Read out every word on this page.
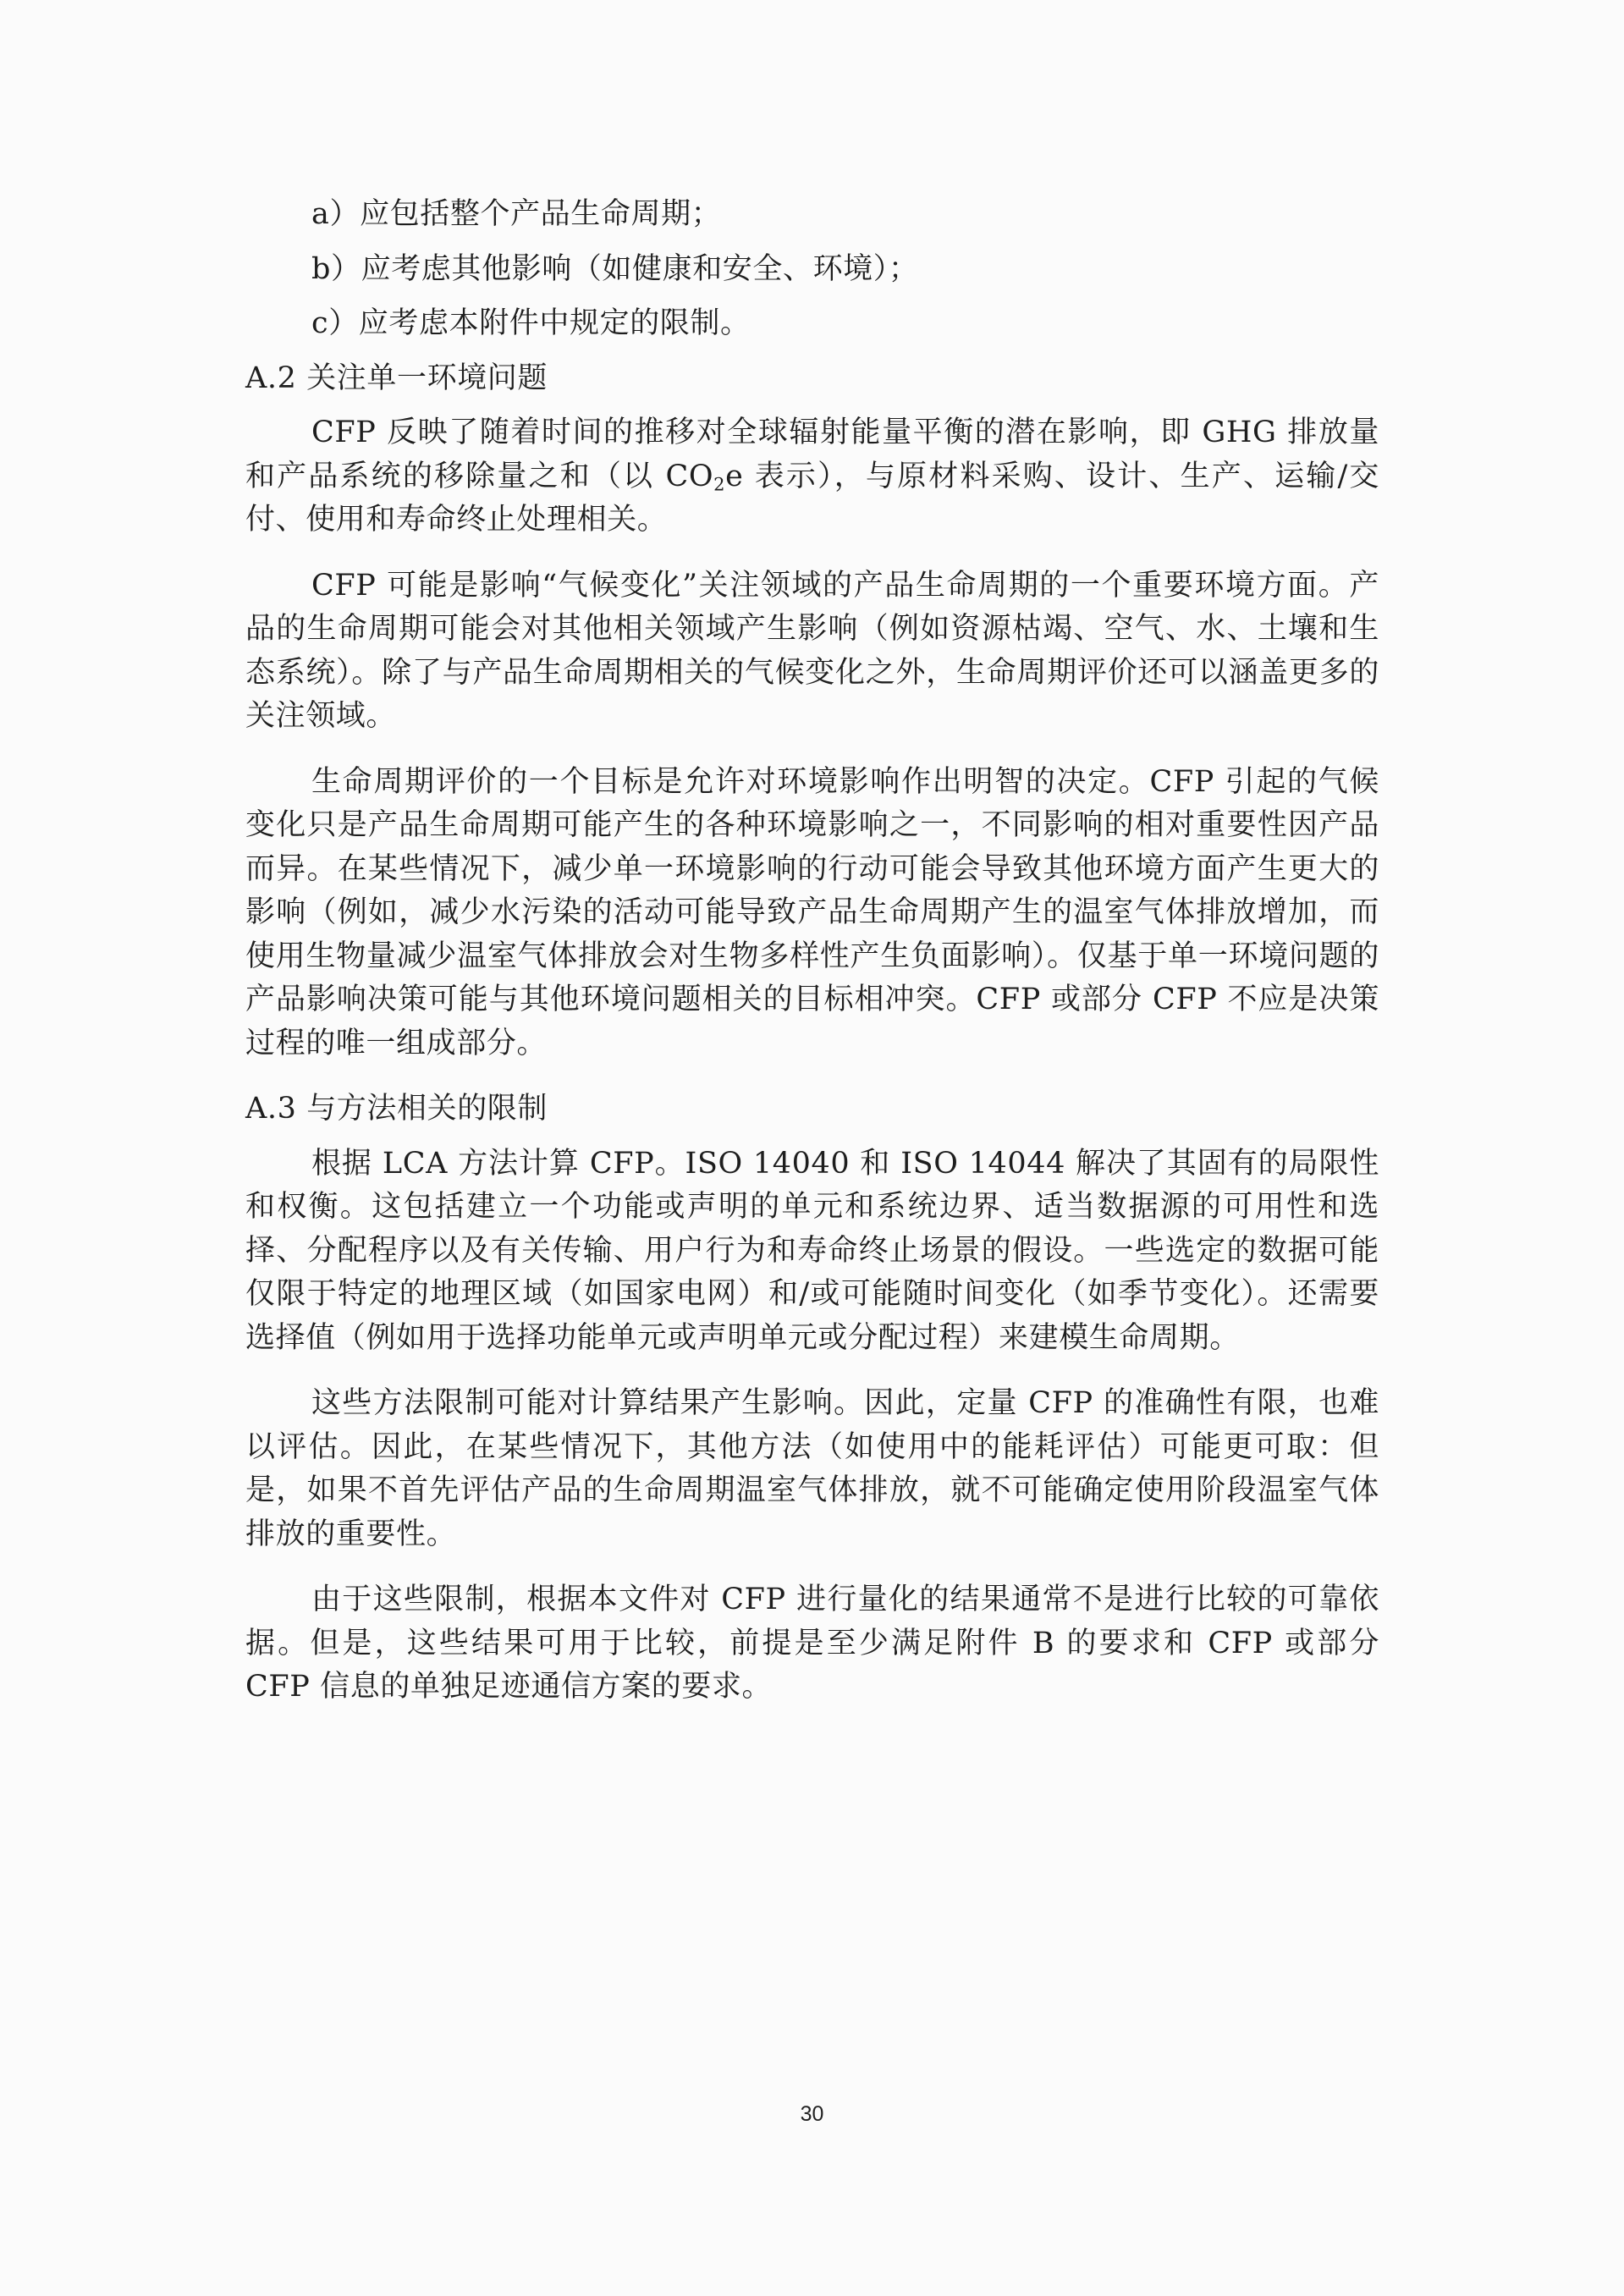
a）应包括整个产品生命周期；

b）应考虑其他影响（如健康和安全、环境）；

c）应考虑本附件中规定的限制。

A.2 关注单一环境问题

CFP 反映了随着时间的推移对全球辐射能量平衡的潜在影响，即 GHG 排放量和产品系统的移除量之和（以 $CO_2e$ 表示），与原材料采购、设计、生产、运输/交付、使用和寿命终止处理相关。

CFP 可能是影响“气候变化”关注领域的产品生命周期的一个重要环境方面。产品的生命周期可能会对其他相关领域产生影响（例如资源枯竭、空气、水、土壤和生态系统）。除了与产品生命周期相关的气候变化之外，生命周期评价还可以涵盖更多的关注领域。

生命周期评价的一个目标是允许对环境影响作出明智的决定。CFP 引起的气候变化只是产品生命周期可能产生的各种环境影响之一，不同影响的相对重要性因产品而异。在某些情况下，减少单一环境影响的行动可能会导致其他环境方面产生更大的影响（例如，减少水污染的活动可能导致产品生命周期产生的温室气体排放增加，而使用生物量减少温室气体排放会对生物多样性产生负面影响）。仅基于单一环境问题的产品影响决策可能与其他环境问题相关的目标相冲突。CFP 或部分 CFP 不应是决策过程的唯一组成部分。

A.3 与方法相关的限制

根据 LCA 方法计算 CFP。ISO 14040 和 ISO 14044 解决了其固有的局限性和权衡。这包括建立一个功能或声明的单元和系统边界、适当数据源的可用性和选择、分配程序以及有关传输、用户行为和寿命终止场景的假设。一些选定的数据可能仅限于特定的地理区域（如国家电网）和/或可能随时间变化（如季节变化）。还需要选择值（例如用于选择功能单元或声明单元或分配过程）来建模生命周期。

这些方法限制可能对计算结果产生影响。因此，定量 CFP 的准确性有限，也难以评估。因此，在某些情况下，其他方法（如使用中的能耗评估）可能更可取：但是，如果不首先评估产品的生命周期温室气体排放，就不可能确定使用阶段温室气体排放的重要性。

由于这些限制，根据本文件对 CFP 进行量化的结果通常不是进行比较的可靠依据。但是，这些结果可用于比较，前提是至少满足附件 B 的要求和 CFP 或部分 CFP 信息的单独足迹通信方案的要求。

30
